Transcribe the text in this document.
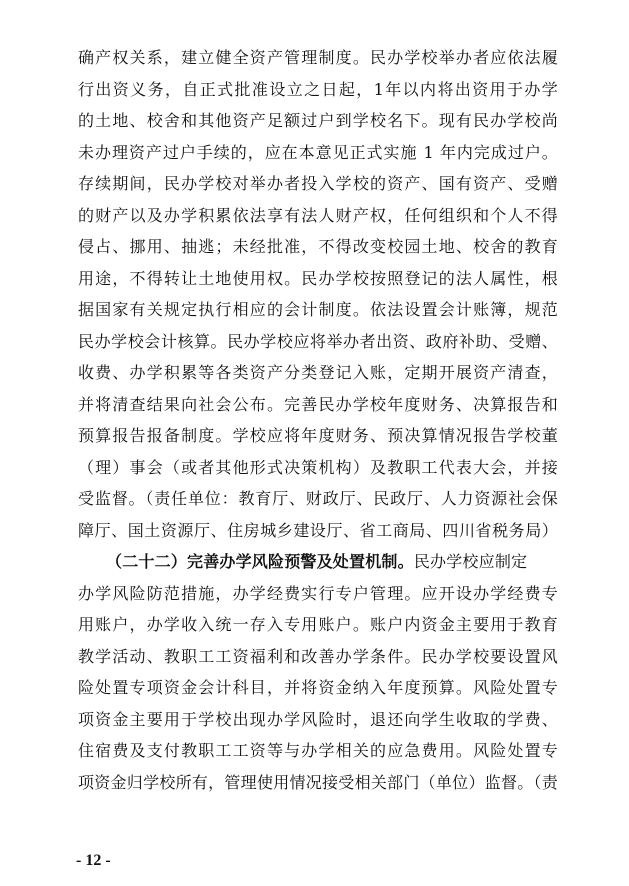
确产权关系，建立健全资产管理制度。民办学校举办者应依法履
行出资义务，自正式批准设立之日起，1年以内将出资用于办学
的土地、校舍和其他资产足额过户到学校名下。现有民办学校尚
未办理资产过户手续的，应在本意见正式实施 1 年内完成过户。
存续期间，民办学校对举办者投入学校的资产、国有资产、受赠
的财产以及办学积累依法享有法人财产权，任何组织和个人不得
侵占、挪用、抽逃；未经批准，不得改变校园土地、校舍的教育
用途，不得转让土地使用权。民办学校按照登记的法人属性，根
据国家有关规定执行相应的会计制度。依法设置会计账簿，规范
民办学校会计核算。民办学校应将举办者出资、政府补助、受赠、
收费、办学积累等各类资产分类登记入账，定期开展资产清查，
并将清查结果向社会公布。完善民办学校年度财务、决算报告和
预算报告报备制度。学校应将年度财务、预决算情况报告学校董
（理）事会（或者其他形式决策机构）及教职工代表大会，并接
受监督。（责任单位：教育厅、财政厅、民政厅、人力资源社会保
障厅、国土资源厅、住房城乡建设厅、省工商局、四川省税务局）
（二十二）完善办学风险预警及处置机制。民办学校应制定
办学风险防范措施，办学经费实行专户管理。应开设办学经费专
用账户，办学收入统一存入专用账户。账户内资金主要用于教育
教学活动、教职工工资福利和改善办学条件。民办学校要设置风
险处置专项资金会计科目，并将资金纳入年度预算。风险处置专
项资金主要用于学校出现办学风险时，退还向学生收取的学费、
住宿费及支付教职工工资等与办学相关的应急费用。风险处置专
项资金归学校所有，管理使用情况接受相关部门（单位）监督。（责
- 12 -
